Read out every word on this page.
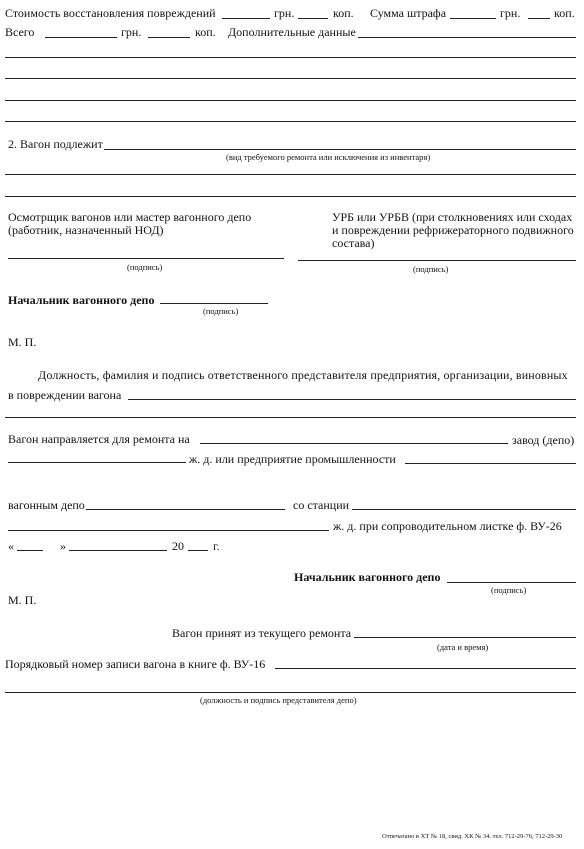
Стоимость восстановления повреждений	грн.	коп. Сумма штрафа	грн.	коп.
Всего	грн.	коп. Дополнительные данные
2. Вагон подлежит
(вид требуемого ремонта или исключения из инвентаря)
Осмотрщик вагонов или мастер вагонного депо (работник, назначенный НОД)
УРБ или УРБВ (при столкновениях или сходах и повреждении рефрижераторного подвижного состава)
(подпись)	(подпись)
Начальник вагонного депо
(подпись)
М. П.
Должность, фамилия и подпись ответственного представителя предприятия, организации, виновных
в повреждении вагона
Вагон направляется для ремонта на	завод (депо)
ж. д. или предприятие промышленности
вагонным депо	со станции
ж. д. при сопроводительном листке ф. ВУ-26
«	»	20 г.
Начальник вагонного депо
(подпись)
М. П.
Вагон принят из текущего ремонта
(дата и время)
Порядковый номер записи вагона в книге ф. ВУ-16
(должность и подпись представителя депо)
Отпечатано в ХТ № 18, свид. ХК № 34. тел. 712-29-76, 712-29-30
